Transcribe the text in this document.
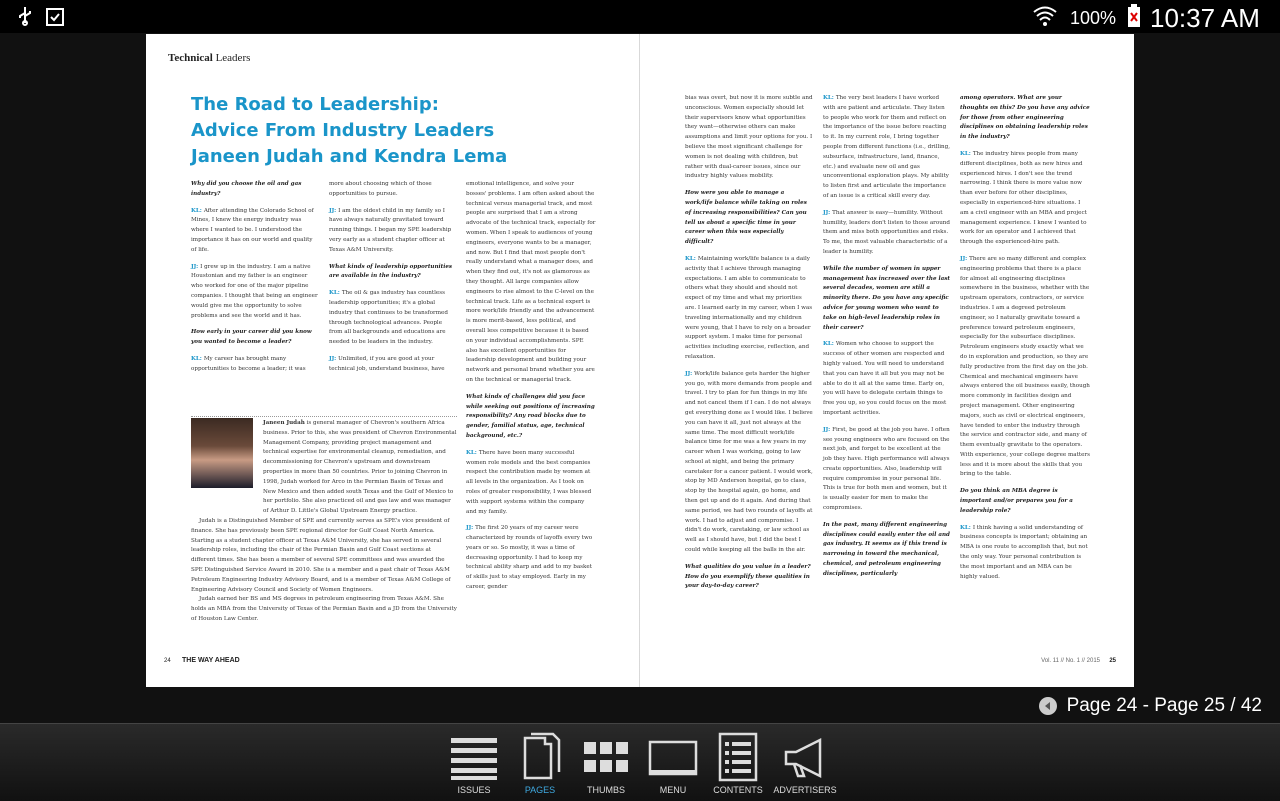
100% 10:37 AM
Technical Leaders
The Road to Leadership:
Advice From Industry Leaders
Janeen Judah and Kendra Lema

Why did you choose the oil and gas industry?

KL: After attending the Colorado School of Mines, I knew the energy industry was where I wanted to be. I understood the importance it has on our world and quality of life.

JJ: I grew up in the industry. I am a native Houstonian and my father is an engineer who worked for one of the major pipeline companies. I thought that being an engineer would give me the opportunity to solve problems and see the world and it has.

How early in your career did you know you wanted to become a leader?

KL: My career has brought many opportunities to become a leader; it was

more about choosing which of those opportunities to pursue.

JJ: I am the oldest child in my family so I have always naturally gravitated toward running things. I began my SPE leadership very early as a student chapter officer at Texas A&M University.

What kinds of leadership opportunities are available in the industry?

KL: The oil & gas industry has countless leadership opportunities; it's a global industry that continues to be transformed through technological advances. People from all backgrounds and educations are needed to be leaders in the industry.

JJ: Unlimited, if you are good at your technical job, understand business, have

emotional intelligence, and solve your bosses' problems. I am often asked about the technical versus managerial track, and most people are surprised that I am a strong advocate of the technical track, especially for women. When I speak to audiences of young engineers, everyone wants to be a manager, and now. But I find that most people don't really understand what a manager does, and when they find out, it's not as glamorous as they thought. All large companies allow engineers to rise almost to the C-level on the technical track. Life as a technical expert is more work/life friendly and the advancement is more merit-based, less political, and overall less competitive because it is based on your individual accomplishments. SPE also has excellent opportunities for leadership development and building your network and personal brand whether you are on the technical or managerial track.

What kinds of challenges did you face while seeking out positions of increasing responsibility? Any road blocks due to gender, familial status, age, technical background, etc.?

KL: There have been many successful women role models and the best companies respect the contribution made by women at all levels in the organization. As I took on roles of greater responsibility, I was blessed with support systems within the company and my family.

JJ: The first 20 years of my career were characterized by rounds of layoffs every two years or so. So mostly, it was a time of decreasing opportunity. I had to keep my technical ability sharp and add to my basket of skills just to stay employed. Early in my career, gender

Janeen Judah is general manager of Chevron's southern Africa business. Prior to this, she was president of Chevron Environmental Management Company, providing project management and technical expertise for environmental cleanup, remediation, and decommissioning for Chevron's upstream and downstream properties in more than 50 countries. Prior to joining Chevron in 1998, Judah worked for Arco in the Permian Basin of Texas and New Mexico and then added south Texas and the Gulf of Mexico to her portfolio. She also practiced oil and gas law and was manager of Arthur D. Little's Global Upstream Energy practice.
Judah is a Distinguished Member of SPE and currently serves as SPE's vice president of finance. She has previously been SPE regional director for Gulf Coast North America. Starting as a student chapter officer at Texas A&M University, she has served in several leadership roles, including the chair of the Permian Basin and Gulf Coast sections at different times. She has been a member of several SPE committees and was awarded the SPE Distinguished Service Award in 2010. She is a member and a past chair of Texas A&M Petroleum Engineering Industry Advisory Board, and is a member of Texas A&M College of Engineering Advisory Council and Society of Women Engineers.
Judah earned her BS and MS degrees in petroleum engineering from Texas A&M. She holds an MBA from the University of Texas of the Permian Basin and a JD from the University of Houston Law Center.
24 THE WAY AHEAD

bias was overt, but now it is more subtle and unconscious. Women especially should let their supervisors know what opportunities they want—otherwise others can make assumptions and limit your options for you. I believe the most significant challenge for women is not dealing with children, but rather with dual-career issues, since our industry highly values mobility.

How were you able to manage a work/life balance while taking on roles of increasing responsibilities? Can you tell us about a specific time in your career when this was especially difficult?

KL: Maintaining work/life balance is a daily activity that I achieve through managing expectations. I am able to communicate to others what they should and should not expect of my time and what my priorities are. I learned early in my career, when I was traveling internationally and my children were young, that I have to rely on a broader support system. I make time for personal activities including exercise, reflection, and relaxation.

JJ: Work/life balance gets harder the higher you go, with more demands from people and travel. I try to plan for fun things in my life and not cancel them if I can. I do not always get everything done as I would like. I believe you can have it all, just not always at the same time. The most difficult work/life balance time for me was a few years in my career when I was working, going to law school at night, and being the primary caretaker for a cancer patient. I would work, stop by MD Anderson hospital, go to class, stop by the hospital again, go home, and then get up and do it again. And during that same period, we had two rounds of layoffs at work. I had to adjust and compromise. I didn't do work, caretaking, or law school as well as I should have, but I did the best I could while keeping all the balls in the air.

What qualities do you value in a leader? How do you exemplify these qualities in your day-to-day career?

KL: The very best leaders I have worked with are patient and articulate. They listen to people who work for them and reflect on the importance of the issue before reacting to it. In my current role, I bring together people from different functions (i.e., drilling, subsurface, infrastructure, land, finance, etc.) and evaluate new oil and gas unconventional exploration plays. My ability to listen first and articulate the importance of an issue is a critical skill every day.

JJ: That answer is easy—humility. Without humility, leaders don't listen to those around them and miss both opportunities and risks. To me, the most valuable characteristic of a leader is humility.

While the number of women in upper management has increased over the last several decades, women are still a minority there. Do you have any specific advice for young women who want to take on high-level leadership roles in their career?

KL: Women who choose to support the success of other women are respected and highly valued. You will need to understand that you can have it all but you may not be able to do it all at the same time. Early on, you will have to delegate certain things to free you up, so you could focus on the most important activities.

JJ: First, be good at the job you have. I often see young engineers who are focused on the next job, and forget to be excellent at the job they have. High performance will always create opportunities. Also, leadership will require compromise in your personal life. This is true for both men and women, but it is usually easier for men to make the compromises.

In the past, many different engineering disciplines could easily enter the oil and gas industry. It seems as if this trend is narrowing in toward the mechanical, chemical, and petroleum engineering disciplines, particularly

among operators. What are your thoughts on this? Do you have any advice for those from other engineering disciplines on obtaining leadership roles in the industry?

KL: The industry hires people from many different disciplines, both as new hires and experienced hires. I don't see the trend narrowing. I think there is more value now than ever before for other disciplines, especially in experienced-hire situations. I am a civil engineer with an MBA and project management experience. I knew I wanted to work for an operator and I achieved that through the experienced-hire path.

JJ: There are so many different and complex engineering problems that there is a place for almost all engineering disciplines somewhere in the business, whether with the upstream operators, contractors, or service industries. I am a degreed petroleum engineer, so I naturally gravitate toward a preference toward petroleum engineers, especially for the subsurface disciplines. Petroleum engineers study exactly what we do in exploration and production, so they are fully productive from the first day on the job. Chemical and mechanical engineers have always entered the oil business easily, though more commonly in facilities design and project management. Other engineering majors, such as civil or electrical engineers, have tended to enter the industry through the service and contractor side, and many of them eventually gravitate to the operators. With experience, your college degree matters less and it is more about the skills that you bring to the table.

Do you think an MBA degree is important and/or prepares you for a leadership role?

KL: I think having a solid understanding of business concepts is important; obtaining an MBA is one route to accomplish that, but not the only way. Your personal contribution is the most important and an MBA can be highly valued.

Vol. 11 // No. 1 // 2015 25
Page 24 - Page 25 / 42
ISSUES	PAGES	THUMBS	MENU	CONTENTS	ADVERTISERS
